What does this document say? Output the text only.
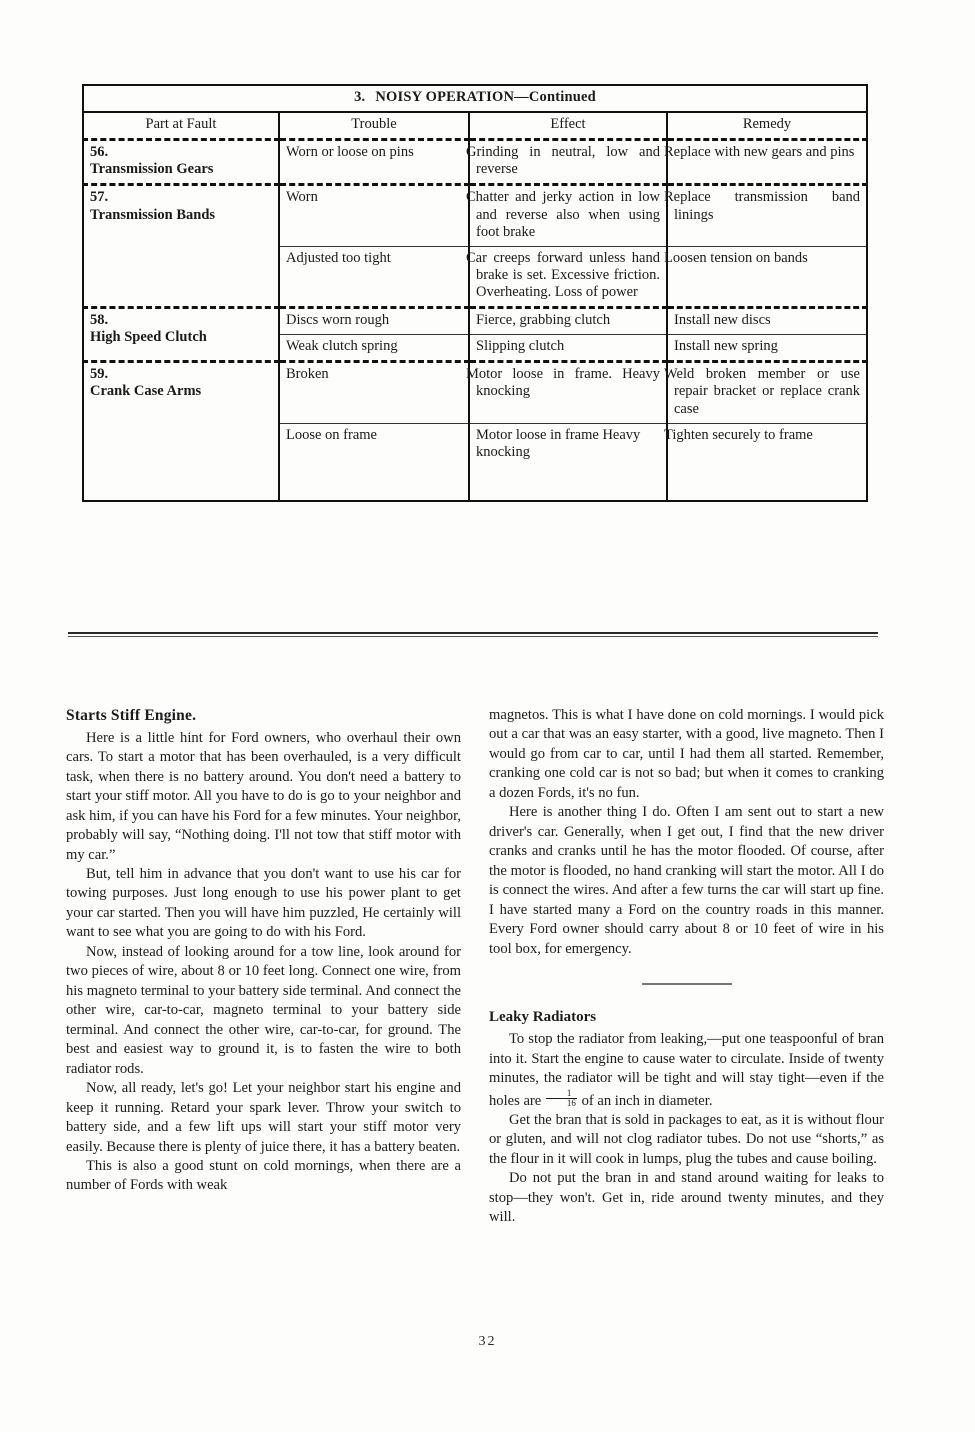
3. NOISY OPERATION—Continued			
Part at Fault	Trouble	Effect	Remedy

56.
Transmission Gears	Worn or loose on pins	Grinding in neutral, low and reverse	Replace with new gears and pins

57.
Transmission Bands	Worn	Chatter and jerky action in low and reverse also when using foot brake	Replace transmission band linings
	Adjusted too tight	Car creeps forward unless hand brake is set. Excessive friction. Overheating. Loss of power	Loosen tension on bands

58.
High Speed Clutch	Discs worn rough	Fierce, grabbing clutch	Install new discs
	Weak clutch spring	Slipping clutch	Install new spring

59.
Crank Case Arms	Broken	Motor loose in frame. Heavy knocking	Weld broken member or use repair bracket or replace crank case
	Loose on frame	Motor loose in frame Heavy knocking	Tighten securely to frame

Starts Stiff Engine.

Here is a little hint for Ford owners, who overhaul their own cars. To start a motor that has been overhauled, is a very difficult task, when there is no battery around. You don't need a battery to start your stiff motor. All you have to do is go to your neighbor and ask him, if you can have his Ford for a few minutes. Your neighbor, probably will say, “Nothing doing. I'll not tow that stiff motor with my car.”

But, tell him in advance that you don't want to use his car for towing purposes. Just long enough to use his power plant to get your car started. Then you will have him puzzled, He certainly will want to see what you are going to do with his Ford.

Now, instead of looking around for a tow line, look around for two pieces of wire, about 8 or 10 feet long. Connect one wire, from his magneto terminal to your battery side terminal. And connect the other wire, car-to-car, magneto terminal to your battery side terminal. And connect the other wire, car-to-car, for ground. The best and easiest way to ground it, is to fasten the wire to both radiator rods.

Now, all ready, let's go! Let your neighbor start his engine and keep it running. Retard your spark lever. Throw your switch to battery side, and a few lift ups will start your stiff motor very easily. Because there is plenty of juice there, it has a battery beaten.

This is also a good stunt on cold mornings, when there are a number of Fords with weak

magnetos. This is what I have done on cold mornings. I would pick out a car that was an easy starter, with a good, live magneto. Then I would go from car to car, until I had them all started. Remember, cranking one cold car is not so bad; but when it comes to cranking a dozen Fords, it's no fun.

Here is another thing I do. Often I am sent out to start a new driver's car. Generally, when I get out, I find that the new driver cranks and cranks until he has the motor flooded. Of course, after the motor is flooded, no hand cranking will start the motor. All I do is connect the wires. And after a few turns the car will start up fine. I have started many a Ford on the country roads in this manner. Every Ford owner should carry about 8 or 10 feet of wire in his tool box, for emergency.

Leaky Radiators

To stop the radiator from leaking,—put one teaspoonful of bran into it. Start the engine to cause water to circulate. Inside of twenty minutes, the radiator will be tight and will stay tight—even if the holes are $\frac{1}{16}$ of an inch in diameter.

Get the bran that is sold in packages to eat, as it is without flour or gluten, and will not clog radiator tubes. Do not use “shorts,” as the flour in it will cook in lumps, plug the tubes and cause boiling.

Do not put the bran in and stand around waiting for leaks to stop—they won't. Get in, ride around twenty minutes, and they will.

32
